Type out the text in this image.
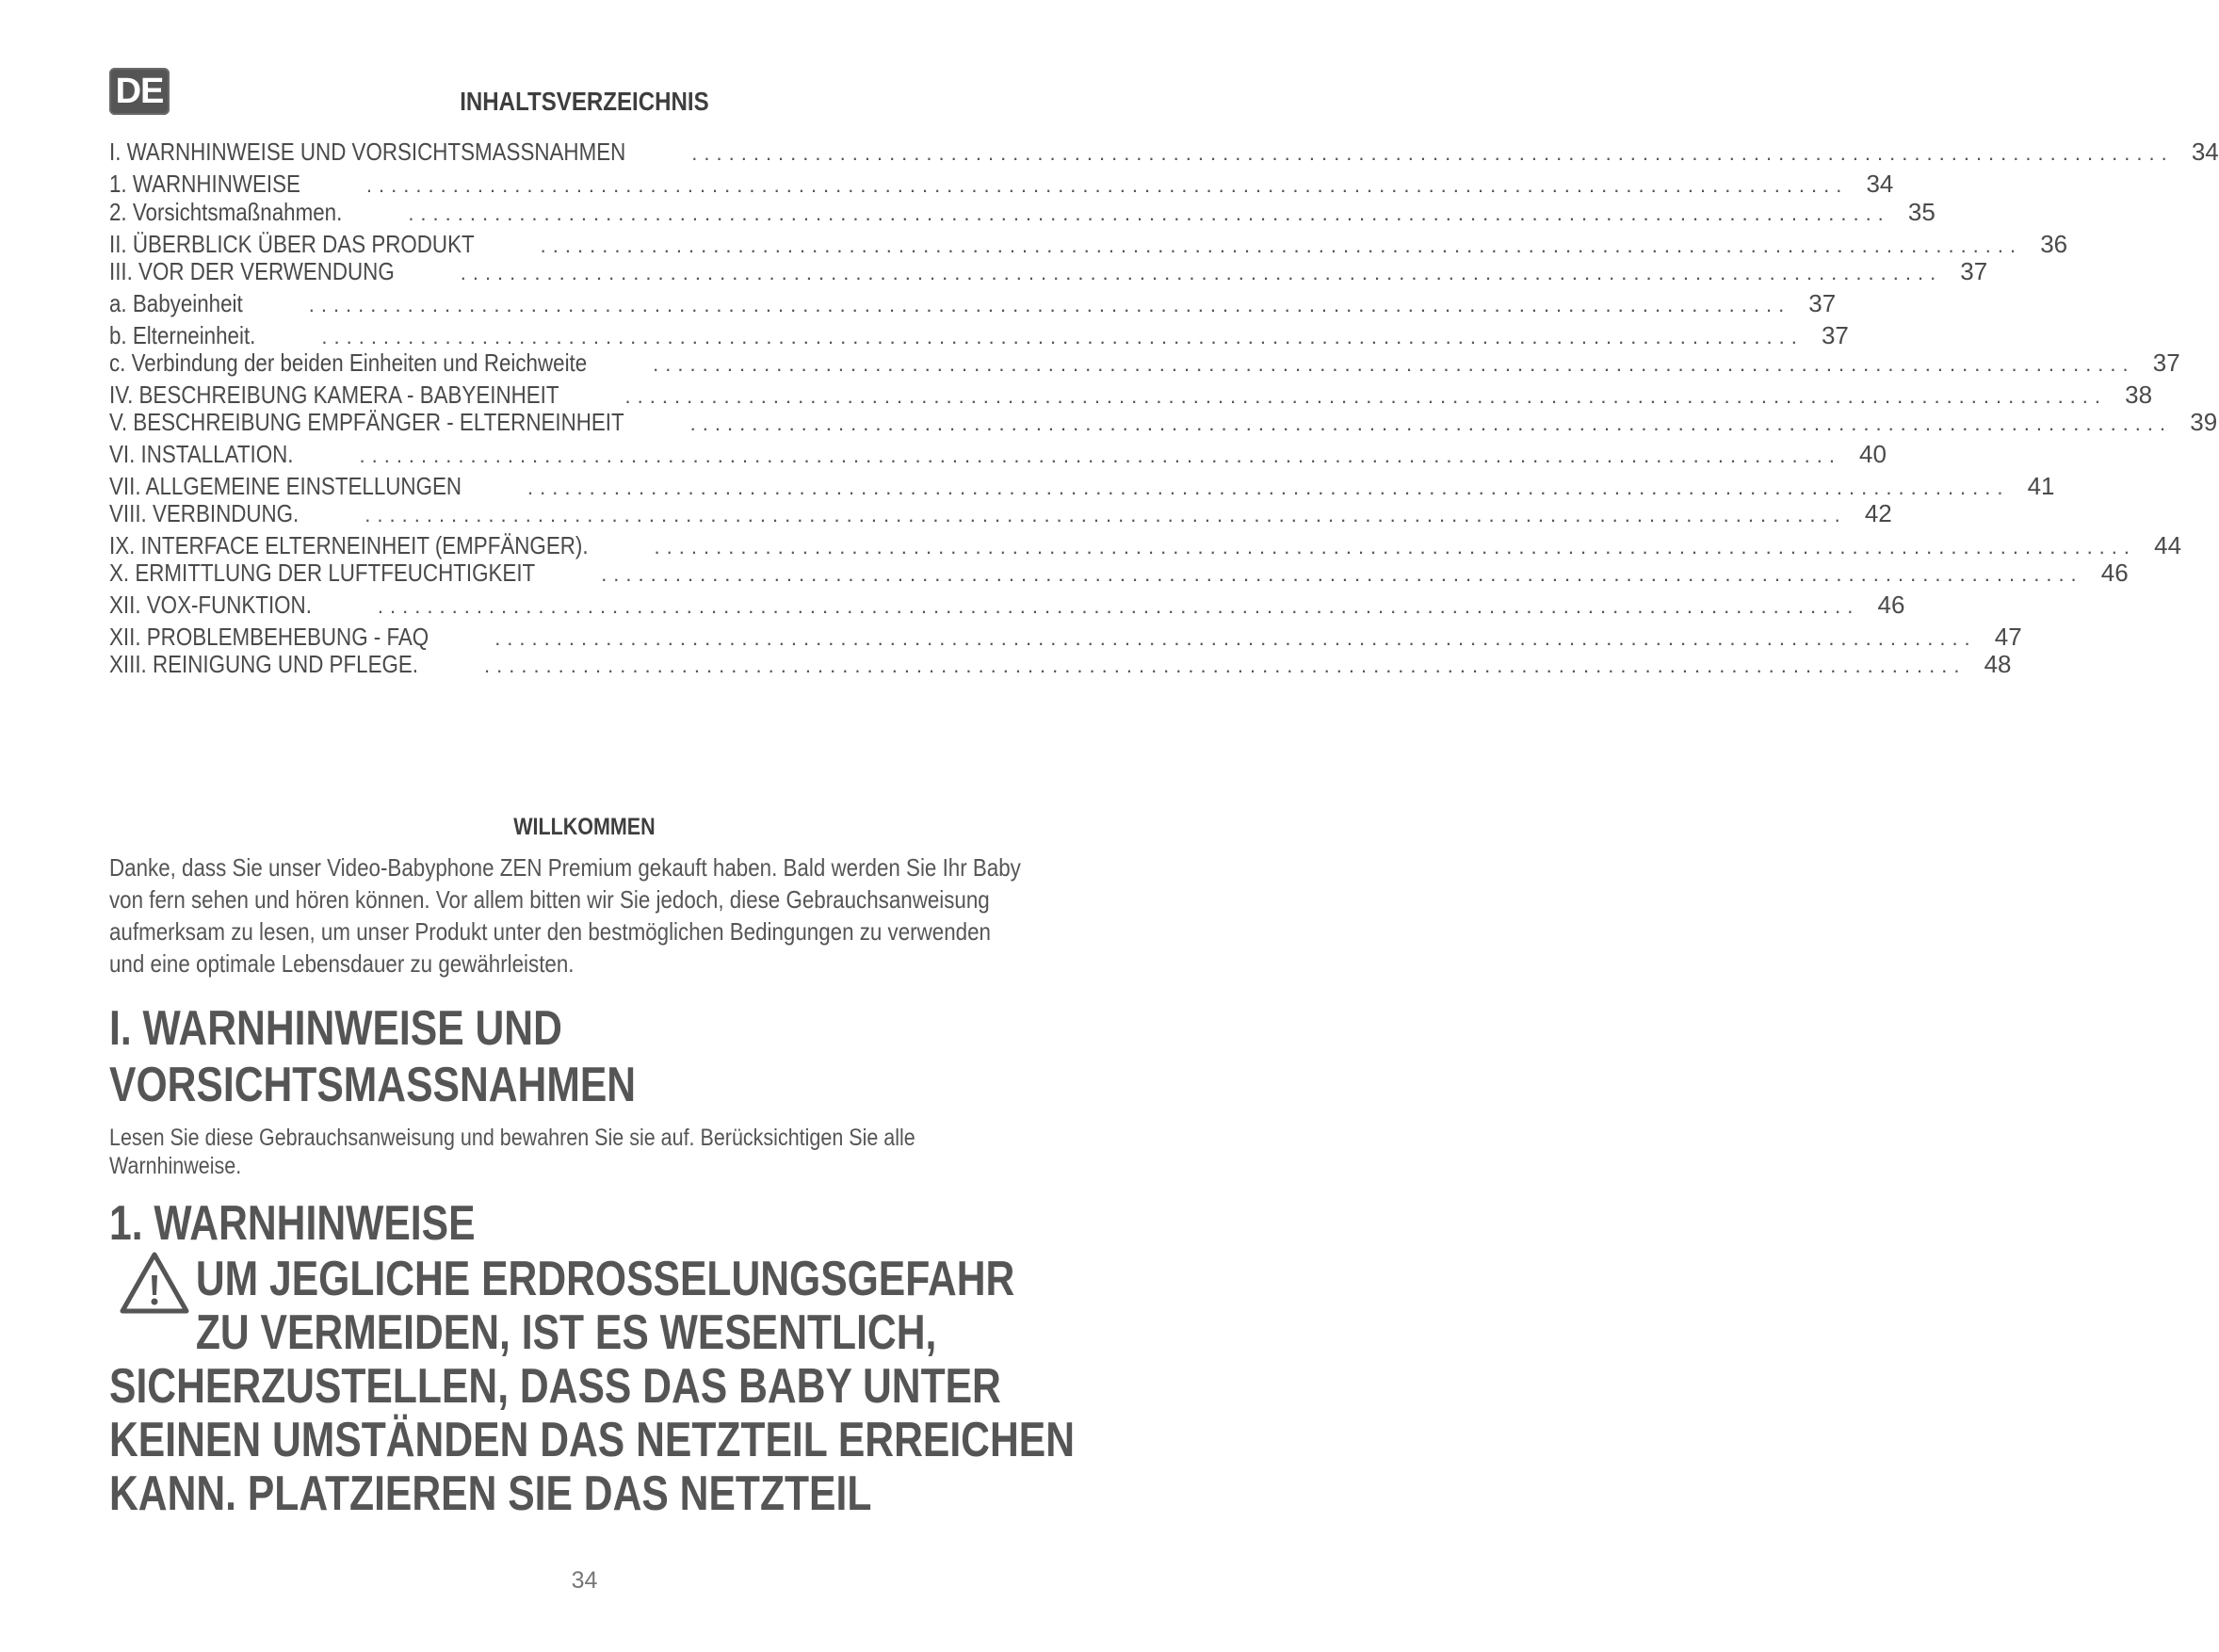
DE	INHALTSVERZEICHNIS
I. WARNHINWEISE UND VORSICHTSMASSNAHMEN	........................................................................................................................ 34
1. WARNHINWEISE	........................................................................................................................ 34
2. Vorsichtsmaßnahmen.	........................................................................................................................ 35
II. ÜBERBLICK ÜBER DAS PRODUKT	........................................................................................................................ 36
III. VOR DER VERWENDUNG	........................................................................................................................ 37
a. Babyeinheit	........................................................................................................................ 37
b. Elterneinheit.	........................................................................................................................ 37
c. Verbindung der beiden Einheiten und Reichweite	........................................................................................................................ 37
IV. BESCHREIBUNG KAMERA - BABYEINHEIT	........................................................................................................................ 38
V. BESCHREIBUNG EMPFÄNGER - ELTERNEINHEIT	........................................................................................................................ 39
VI. INSTALLATION.	........................................................................................................................ 40
VII. ALLGEMEINE EINSTELLUNGEN	........................................................................................................................ 41
VIII. VERBINDUNG.	........................................................................................................................ 42
IX. INTERFACE ELTERNEINHEIT (EMPFÄNGER).	........................................................................................................................ 44
X. ERMITTLUNG DER LUFTFEUCHTIGKEIT	........................................................................................................................ 46
XII. VOX-FUNKTION.	........................................................................................................................ 46
XII. PROBLEMBEHEBUNG - FAQ	........................................................................................................................ 47
XIII. REINIGUNG UND PFLEGE.	........................................................................................................................ 48
WILLKOMMEN
Danke, dass Sie unser Video-Babyphone ZEN Premium gekauft haben. Bald werden Sie Ihr Baby
von fern sehen und hören können. Vor allem bitten wir Sie jedoch, diese Gebrauchsanweisung
aufmerksam zu lesen, um unser Produkt unter den bestmöglichen Bedingungen zu verwenden
und eine optimale Lebensdauer zu gewährleisten.
I. WARNHINWEISE UND
VORSICHTSMASSNAHMEN
Lesen Sie diese Gebrauchsanweisung und bewahren Sie sie auf. Berücksichtigen Sie alle
Warnhinweise.
1. WARNHINWEISE
UM JEGLICHE ERDROSSELUNGSGEFAHR
ZU VERMEIDEN, IST ES WESENTLICH,
SICHERZUSTELLEN, DASS DAS BABY UNTER
KEINEN UMSTÄNDEN DAS NETZTEIL ERREICHEN
KANN. PLATZIEREN SIE DAS NETZTEIL
34
